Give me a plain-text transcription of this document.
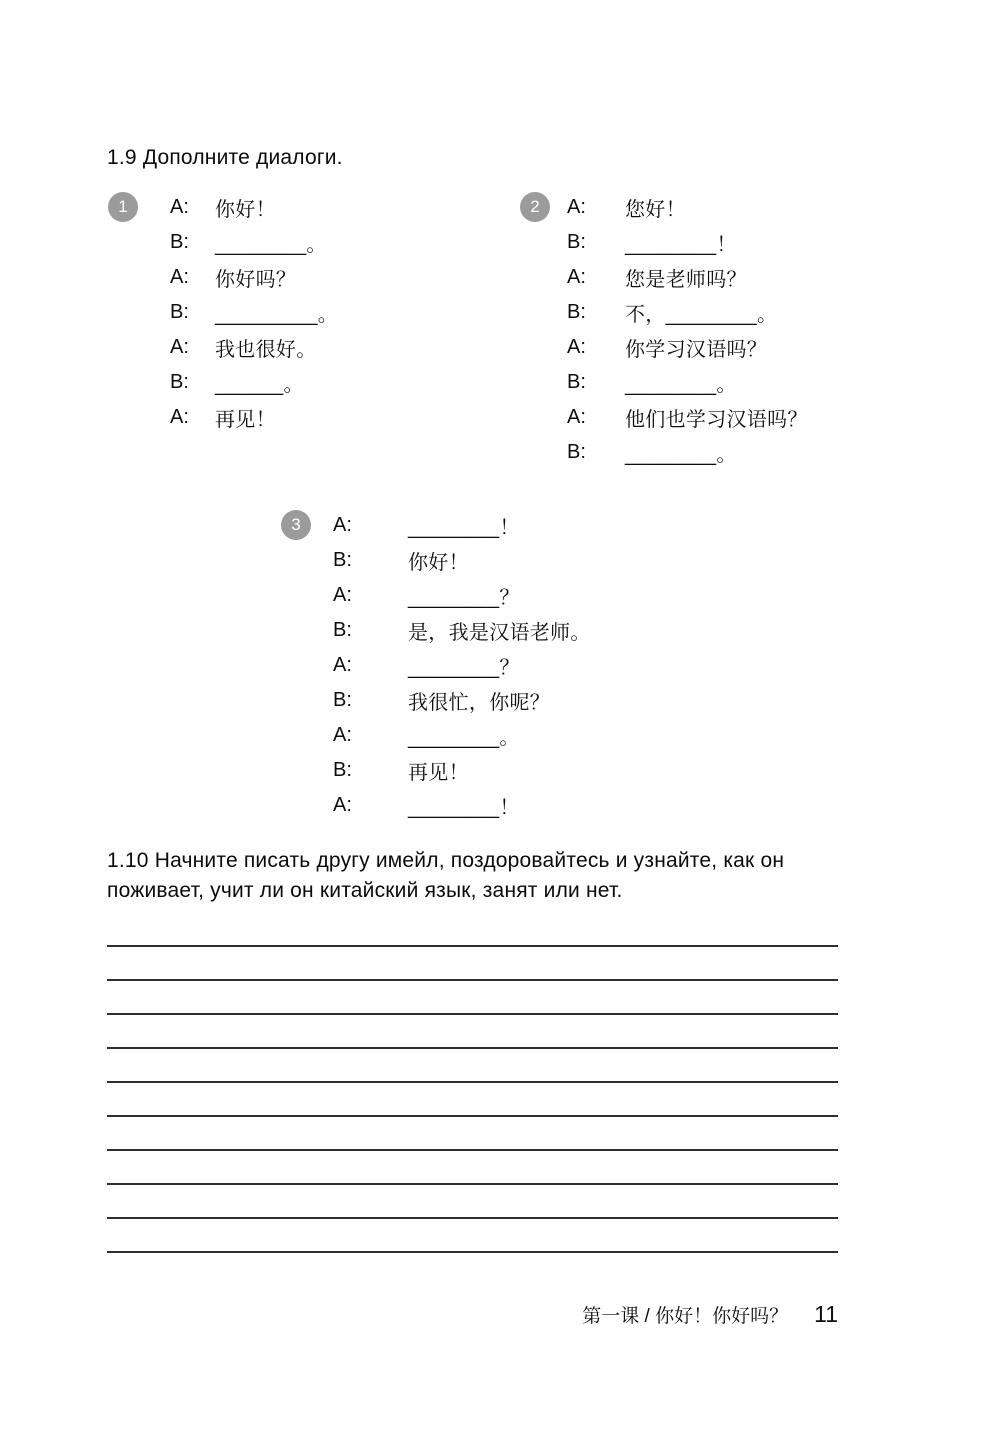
1.9 Дополните диалоги.
1	A:	你好！
B:	________。
A:	你好吗？
B:	_________。
A:	我也很好。
B:	______。
A:	再见！
2	A:	您好！
B:	________！
A:	您是老师吗？
B:	不，________。
A:	你学习汉语吗？
B:	________。
A:	他们也学习汉语吗？
B:	________。
3	A:	________！
B:	你好！
A:	________？
B:	是，我是汉语老师。
A:	________？
B:	我很忙，你呢？
A:	________。
B:	再见！
A:	________！
1.10 Начните писать другу имейл, поздоровайтесь и узнайте, как он поживает, учит ли он китайский язык, занят или нет.
第一课 / 你好！你好吗？ 11
